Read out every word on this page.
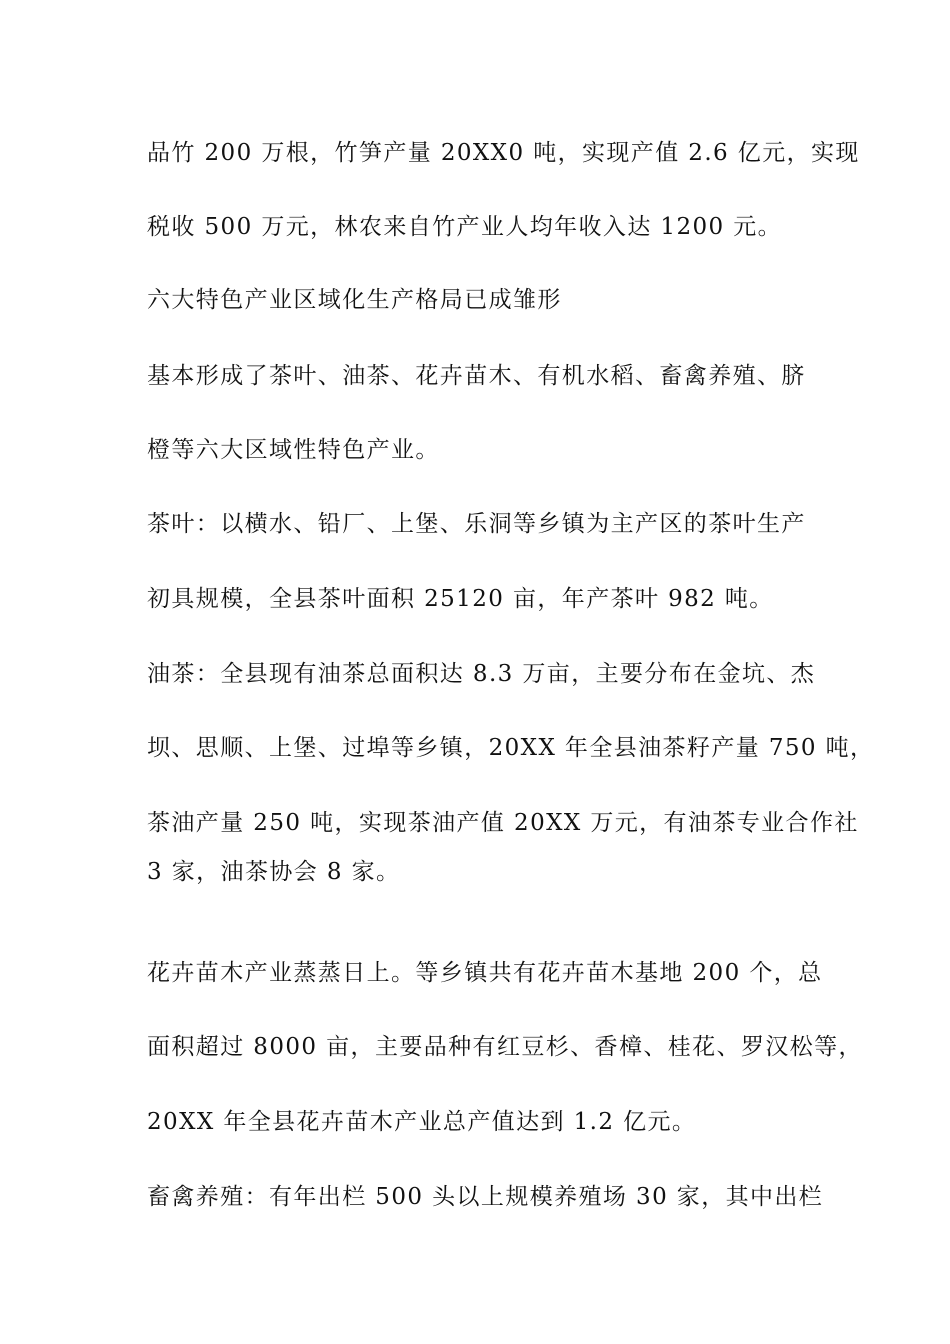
品竹 200 万根，竹笋产量 20XX0 吨，实现产值 2.6 亿元，实现
税收 500 万元，林农来自竹产业人均年收入达 1200 元。
六大特色产业区域化生产格局已成雏形
基本形成了茶叶、油茶、花卉苗木、有机水稻、畜禽养殖、脐
橙等六大区域性特色产业。
茶叶：以横水、铅厂、上堡、乐洞等乡镇为主产区的茶叶生产
初具规模，全县茶叶面积 25120 亩，年产茶叶 982 吨。
油茶：全县现有油茶总面积达 8.3 万亩，主要分布在金坑、杰
坝、思顺、上堡、过埠等乡镇，20XX 年全县油茶籽产量 750 吨，
茶油产量 250 吨，实现茶油产值 20XX 万元，有油茶专业合作社
3 家，油茶协会 8 家。
花卉苗木产业蒸蒸日上。等乡镇共有花卉苗木基地 200 个，总
面积超过 8000 亩，主要品种有红豆杉、香樟、桂花、罗汉松等，
20XX 年全县花卉苗木产业总产值达到 1.2 亿元。
畜禽养殖：有年出栏 500 头以上规模养殖场 30 家，其中出栏
